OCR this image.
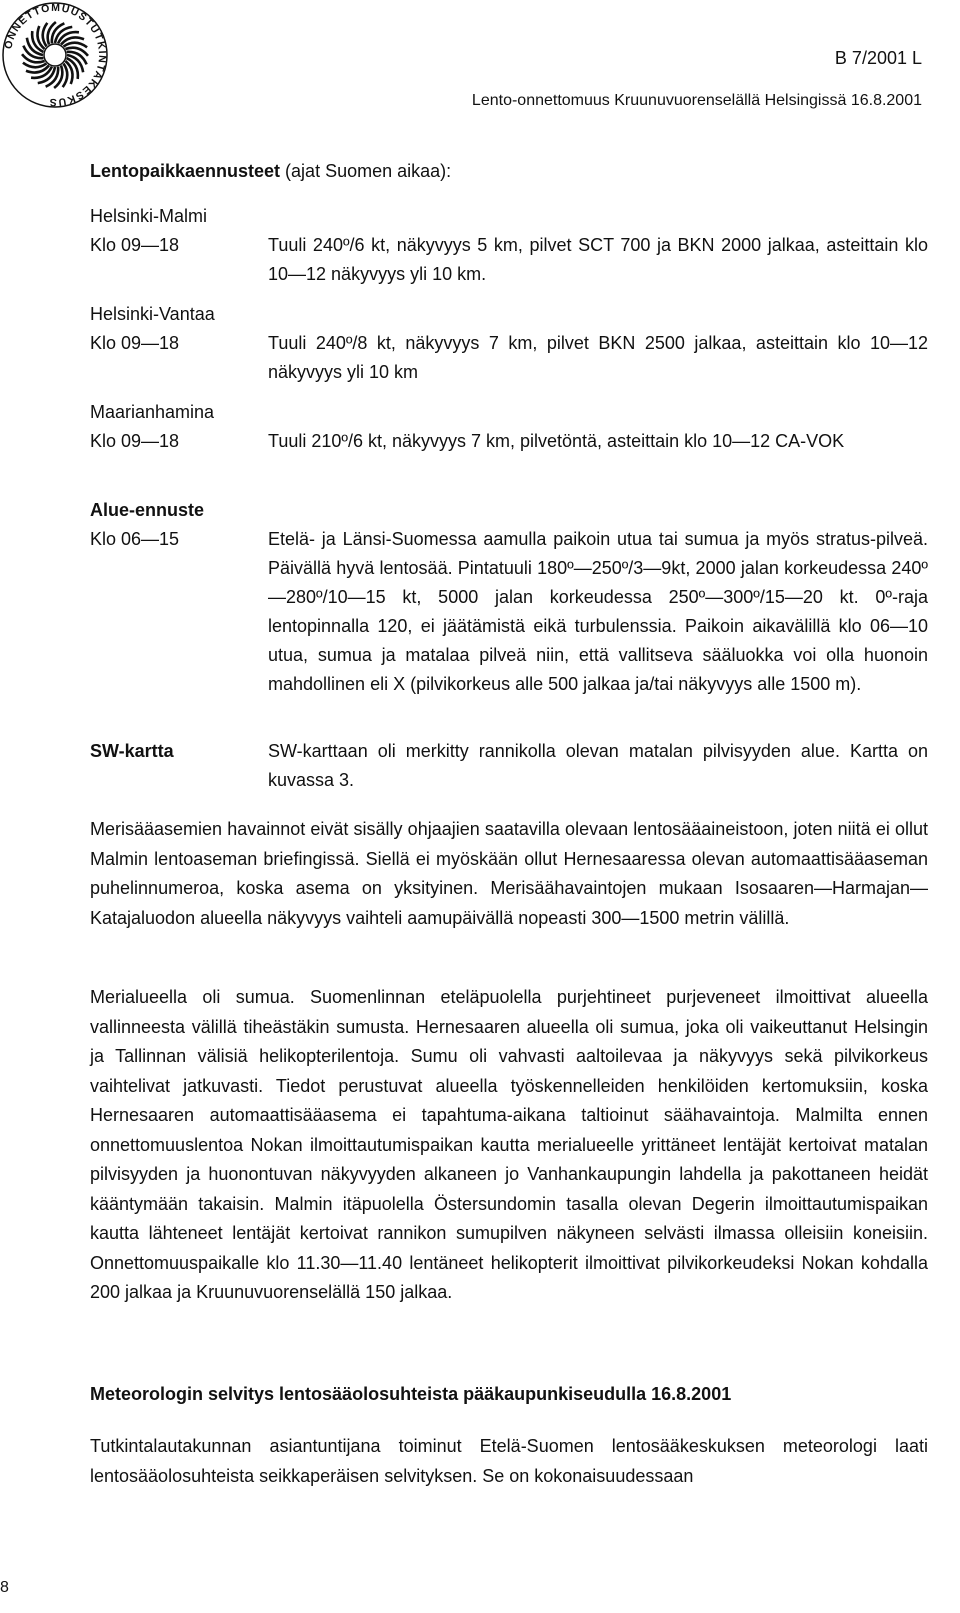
ONNETTOMUUSTUTKINTAKESKUS
B 7/2001 L
Lento-onnettomuus Kruunuvuorenselällä Helsingissä 16.8.2001
Lentopaikkaennusteet (ajat Suomen aikaa):
Helsinki-Malmi
Klo 09—18	Tuuli 240º/6 kt, näkyvyys 5 km, pilvet SCT 700 ja BKN 2000 jalkaa, asteittain klo 10—12 näkyvyys yli 10 km.
Helsinki-Vantaa
Klo 09—18	Tuuli 240º/8 kt, näkyvyys 7 km, pilvet BKN 2500 jalkaa, asteittain klo 10—12 näkyvyys yli 10 km
Maarianhamina
Klo 09—18	Tuuli 210º/6 kt, näkyvyys 7 km, pilvetöntä, asteittain klo 10—12 CA-VOK
Alue-ennuste
Klo 06—15	Etelä- ja Länsi-Suomessa aamulla paikoin utua tai sumua ja myös stratus-pilveä. Päivällä hyvä lentosää. Pintatuuli 180º—250º/3—9kt, 2000 jalan korkeudessa 240º—280º/10—15 kt, 5000 jalan korkeudessa 250º—300º/15—20 kt. 0º-raja lentopinnalla 120, ei jäätämistä eikä turbulenssia. Paikoin aikavälillä klo 06—10 utua, sumua ja matalaa pilveä niin, että vallitseva sääluokka voi olla huonoin mahdollinen eli X (pilvikorkeus alle 500 jalkaa ja/tai näkyvyys alle 1500 m).
SW-kartta	SW-karttaan oli merkitty rannikolla olevan matalan pilvisyyden alue. Kartta on kuvassa 3.
Merisääasemien havainnot eivät sisälly ohjaajien saatavilla olevaan lentosääaineistoon, joten niitä ei ollut Malmin lentoaseman briefingissä. Siellä ei myöskään ollut Hernesaaressa olevan automaattisääaseman puhelinnumeroa, koska asema on yksityinen. Merisäähavaintojen mukaan Isosaaren—Harmajan—Katajaluodon alueella näkyvyys vaihteli aamupäivällä nopeasti 300—1500 metrin välillä.
Merialueella oli sumua. Suomenlinnan eteläpuolella purjehtineet purjeveneet ilmoittivat alueella vallinneesta välillä tiheästäkin sumusta. Hernesaaren alueella oli sumua, joka oli vaikeuttanut Helsingin ja Tallinnan välisiä helikopterilentoja. Sumu oli vahvasti aaltoilevaa ja näkyvyys sekä pilvikorkeus vaihtelivat jatkuvasti. Tiedot perustuvat alueella työskennelleiden henkilöiden kertomuksiin, koska Hernesaaren automaattisääasema ei tapahtuma-aikana taltioinut säähavaintoja. Malmilta ennen onnettomuuslentoa Nokan ilmoittautumispaikan kautta merialueelle yrittäneet lentäjät kertoivat matalan pilvisyyden ja huonontuvan näkyvyyden alkaneen jo Vanhankaupungin lahdella ja pakottaneen heidät kääntymään takaisin. Malmin itäpuolella Östersundomin tasalla olevan Degerin ilmoittautumispaikan kautta lähteneet lentäjät kertoivat rannikon sumupilven näkyneen selvästi ilmassa olleisiin koneisiin. Onnettomuuspaikalle klo 11.30—11.40 lentäneet helikopterit ilmoittivat pilvikorkeudeksi Nokan kohdalla 200 jalkaa ja Kruunuvuorenselällä 150 jalkaa.
Meteorologin selvitys lentosääolosuhteista pääkaupunkiseudulla 16.8.2001
Tutkintalautakunnan asiantuntijana toiminut Etelä-Suomen lentosääkeskuksen meteorologi laati lentosääolosuhteista seikkaperäisen selvityksen. Se on kokonaisuudessaan
8
